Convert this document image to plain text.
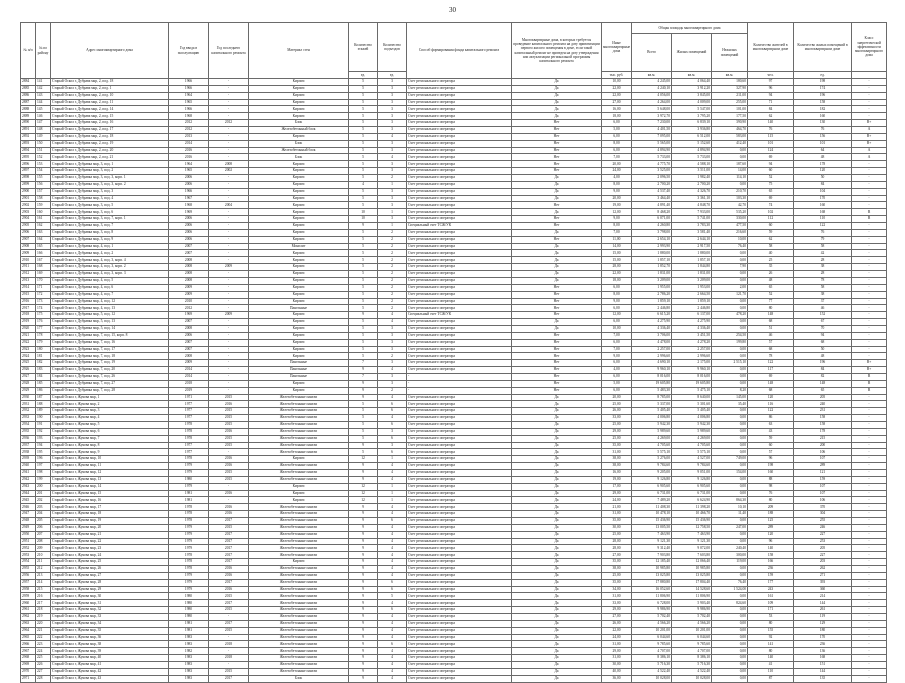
30
№ п/п	№ по району	Адрес многоквартирного дома	Год ввода в эксплуатацию	Год последнего капитального ремонта	Материал стен	Количество этажей	Количество подъездов	Способ формирования фонда капитального ремонта	Многоквартирные дома, в которых требуется проведение капитального ремонта на дату приватизации первого жилого помещения в доме, если такой капитальный ремонт не проведен на дату утверждения или актуализации региональной программы капитального ремонта	Иные многоквартирные дома	Общая площадь многоквартирного дома			Количество жителей в многоквартирном доме	Количество жилых помещений в многоквартирном доме	Класс энергетической эффективности многоквартирного дома
											Всего	Жилых помещений	Нежилых помещений			
						ед.	ед.			тыс. руб.	кв.м.	кв.м.	кв.м.	чел.	ед.	
2884	141	Старый Оскол г, Дубрава мкр, 2, под. 18	1966	-	Кирпич	5	3	Счет регионального оператора	Да	10,00	4 245,00	4 064,40	180,60	97	198	-
2885	142	Старый Оскол г, Дубрава мкр, 2, под. 1	1966	-	Кирпич	5	3	Счет регионального оператора	Да	22,00	4 240,10	3 912,20	327,90	96	174	-
2886	143	Старый Оскол г, Дубрава мкр, 2, под. 10	1964	-	Кирпич	5	3	Счет регионального оператора	Да	22,00	4 056,00	3 845,00	211,00	94	196	-
2887	144	Старый Оскол г, Дубрава мкр, 2, под. 11	1965	-	Кирпич	5	3	Счет регионального оператора	Да	27,00	4 264,00	4 009,00	255,00	71	158	-
2888	145	Старый Оскол г, Дубрава мкр, 2, под. 14	1966	-	Кирпич	5	3	Счет регионального оператора	Да	16,00	5 648,00	5 547,00	101,00	84	182	-
2889	146	Старый Оскол г, Дубрава мкр, 2, под. 15	1968	-	Кирпич	5	3	Счет регионального оператора	Да	18,00	3 972,70	3 795,20	177,50	62	160	-
2890	147	Старый Оскол г, Дубрава мкр, 2, под. 16	2012	2012	Блок	5	3	Счет регионального оператора	Нет	6,00	7 230,00	6 839,10	390,90	140	130	B+
2891	148	Старый Оскол г, Дубрава мкр, 2, под. 17	2012	-	Железобетонный блок	5	3	Счет регионального оператора	Нет	5,00	4 401,50	3 936,80	464,70	76	76	A
2892	149	Старый Оскол г, Дубрава мкр, 2, под. 18	2013	-	Кирпич	5	4	Счет регионального оператора	Нет	6,00	7 095,00	6 512,00	583,00	115	156	B+
2893	150	Старый Оскол г, Дубрава мкр, 2, под. 19	2014	-	Блок	5	3	Счет регионального оператора	Нет	8,00	5 565,00	5 152,60	412,40	101	101	B+
2894	151	Старый Оскол г, Дубрава мкр, 2, под. 20	2016	-	Железобетонный блок	5	3	Счет регионального оператора	Нет	6,00	4 894,90	4 894,90	0,00	124	64	A
2895	152	Старый Оскол г, Дубрава мкр, 2, под. 21	2016	-	Блок	5	4	Счет регионального оператора	Нет	7,00	5 733,00	5 733,00	0,00	69	48	A
2896	153	Старый Оскол г, Дубравка мкр, 3, под. 1	1964	2008	Кирпич	5	3	Счет регионального оператора	Нет	20,00	4 775,70	4 588,10	187,60	94	178	-
2897	154	Старый Оскол г, Дубравка мкр, 3, под. 2	1965	2002	Кирпич	5	3	Счет регионального оператора	Нет	24,00	3 525,00	3 511,00	14,00	60	120	-
2898	155	Старый Оскол г, Дубравка мкр, 3, под. 3, корп. 1	2006	-	Кирпич	5	2	Счет регионального оператора	Да	4,00	2 096,50	1 982,40	114,10	52	50	-
2899	156	Старый Оскол г, Дубравка мкр, 3, под. 3, корп. 2	2006	-	Кирпич	4	1	Счет регионального оператора	Да	8,00	2 700,20	2 700,20	0,00	75	84	-
2900	157	Старый Оскол г, Дубравка мкр, 3, под. 3	1966	-	Кирпич	5	3	Счет регионального оператора	Да	9,00	4 537,40	4 326,70	210,70	65	104	-
2901	158	Старый Оскол г, Дубравка мкр, 3, под. 4	1967	-	Кирпич	5	3	Счет регионального оператора	Да	20,00	3 464,40	3 361,10	103,30	69	170	-
2902	159	Старый Оскол г, Дубравка мкр, 3, под. 5	1968	2004	Кирпич	5	3	Счет регионального оператора	Нет	19,00	4 891,40	4 848,70	42,70	74	160	-
2903	160	Старый Оскол г, Дубравка мкр, 3, под. 6	1969	-	Кирпич	10	1	Счет регионального оператора	Да	12,00	8 468,20	7 933,00	535,20	102	168	B
2904	161	Старый Оскол г, Дубравка мкр, 3, под. 7, корп. 1	2006	-	Кирпич	10	3	Счет регионального оператора	Нет	9,00	6 071,00	5 741,00	330,00	112	110	B
2905	162	Старый Оскол г, Дубравка мкр, 3, под. 7	2006	-	Кирпич	9	1	Специальный счет ТСЖ/УК	Нет	8,00	4 260,80	3 783,30	477,50	60	122	-
2906	163	Старый Оскол г, Дубравка мкр, 3, под. 8	2006	-	Кирпич	5	2	Счет регионального оператора	Да	7,00	3 798,00	3 581,40	216,60	59	76	-
2907	164	Старый Оскол г, Дубравка мкр, 3, под. 9	2006	-	Кирпич	5	2	Счет регионального оператора	Нет	11,00	2 654,10	2 644,10	10,00	62	79	-
2908	165	Старый Оскол г, Дубравка мкр, 4, под. 1	2007	-	Монолит	5	2	Счет регионального оператора	Да	14,00	2 993,90	2 917,50	76,40	58	58	-
2909	166	Старый Оскол г, Дубравка мкр, 4, под. 2	2007	-	Кирпич	5	2	Счет регионального оператора	Да	15,00	1 880,00	1 880,00	0,00	40	42	-
2910	167	Старый Оскол г, Дубравка мкр, 4, под. 3, корп. 4	2008	-	Кирпич	5	2	Счет регионального оператора	Да	15,00	1 857,10	1 857,10	0,00	25	28	-
2911	168	Старый Оскол г, Дубравка мкр, 4, под. 3, корп. 2	2008	2009	Кирпич	5	2	Счет регионального оператора	Да	28,00	1 852,70	1 844,80	7,90	35	38	-
2912	169	Старый Оскол г, Дубравка мкр, 4, под. 3, корп. 3	2008	-	Кирпич	5	2	Счет регионального оператора	Да	22,00	1 831,00	1 831,00	0,00	26	28	-
2913	170	Старый Оскол г, Дубравка мкр, 4, под. 5	2008	-	Кирпич	5	2	Счет регионального оператора	Да	18,00	3 209,00	3 209,00	0,00	48	78	-
2914	171	Старый Оскол г, Дубравка мкр, 4, под. 6	2009	-	Кирпич	5	2	Счет регионального оператора	Нет	6,00	1 955,00	1 953,00	2,00	65	58	-
2915	172	Старый Оскол г, Дубравка мкр, 4, под. 7	2009	-	Кирпич	5	2	Счет регионального оператора	Нет	8,00	2 786,20	2 664,50	121,70	52	38	-
2916	173	Старый Оскол г, Дубравка мкр, 4, под. 12	2010	-	Кирпич	5	2	Счет регионального оператора	Нет	9,00	1 859,10	1 859,10	0,00	77	37	-
2917	174	Старый Оскол г, Дубравка мкр, 4, под. 13	2012	-	Панельные	5	2	Счет регионального оператора	Нет	6,00	2 446,80	2 446,80	0,00	80	46	-
2918	175	Старый Оскол г, Дубравка мкр, 5, под. 12	1969	2009	Кирпич	9	4	Специальный счет ТСЖ/УК	Нет	12,00	6 615,20	6 137,00	478,20	148	152	-
2919	176	Старый Оскол г, Дубравка мкр, 5, под. 13	2007	-	Кирпич	5	4	Счет регионального оператора	Да	6,00	4 275,90	4 275,90	0,00	68	67	-
2920	177	Старый Оскол г, Дубравка мкр, 5, под. 14	2008	-	Кирпич	5	3	Счет регионального оператора	Да	10,00	4 336,40	4 336,40	0,00	51	70	-
2921	178	Старый Оскол г, Дубравка мкр, 7, под. 15, корп. 8	2006	-	Кирпич	5	3	Счет регионального оператора	Нет	7,00	3 706,00	3 451,50	254,50	46	94	-
2922	179	Старый Оскол г, Дубравка мкр, 7, под. 16	2007	-	Кирпич	5	3	Счет регионального оператора	Нет	6,00	4 478,00	4 278,20	199,80	57	68	-
2923	180	Старый Оскол г, Дубравка мкр, 7, под. 17	2007	-	Кирпич	5	3	Счет регионального оператора	Нет	7,00	2 257,00	2 257,00	0,00	68	50	-
2924	181	Старый Оскол г, Дубравка мкр, 7, под. 18	2008	-	Кирпич	5	2	Счет регионального оператора	Нет	9,00	2 996,60	2 996,60	0,00	78	48	-
2925	182	Старый Оскол г, Дубравка мкр, 7, под. 19	2009	-	Панельные	7	3	Счет регионального оператора	Нет	6,00	4 690,10	2 175,00	2 515,10	122	196	B+
2926	183	Старый Оскол г, Дубравка мкр, 7, под. 20	2014	-	Панельные	9	4	Счет регионального оператора	Нет	4,00	9 960,10	9 960,10	0,00	117	84	B+
2927	184	Старый Оскол г, Дубравка мкр, 7, под. 26	2014	-	Панельные	7	3	-	Нет	6,00	8 016,00	8 016,00	0,00	69	82	B
2928	185	Старый Оскол г, Дубравка мкр, 7, под. 27	2018	-	Кирпич	9	3	-	Нет	5,00	19 605,80	19 605,80	0,00	148	148	B
2929	186	Старый Оскол г, Дубравка мкр, 7, под. 28	2019	-	Кирпич	9	2	-	Нет	6,00	5 483,30	5 475,10	8,20	68	65	B
2930	187	Старый Оскол г, Жукова мкр, 1	1971	2015	Железобетонные панели	9	4	Счет регионального оператора	Да	20,00	8 785,00	8 640,00	145,00	120	205	-
2931	188	Старый Оскол г, Жукова мкр, 2	1977	2016	Железобетонные панели	5	6	Счет регионального оператора	Да	25,00	5 337,00	5 301,60	35,40	116	240	-
2932	189	Старый Оскол г, Жукова мкр, 3	1977	2015	Железобетонные панели	5	6	Счет регионального оператора	Да	26,00	5 405,40	5 405,40	0,00	122	231	-
2933	190	Старый Оскол г, Жукова мкр, 4	1977	2015	Железобетонные панели	5	4	Счет регионального оператора	Да	33,00	4 006,80	4 006,80	0,00	86	158	-
2934	191	Старый Оскол г, Жукова мкр, 5	1978	2015	Железобетонные панели	5	6	Счет регионального оператора	Да	25,00	5 942,30	5 942,30	0,00	63	158	-
2935	192	Старый Оскол г, Жукова мкр, 6	1978	2016	Железобетонные панели	5	3	Счет регионального оператора	Да	29,00	5 989,60	5 989,60	0,00	43	178	-
2936	193	Старый Оскол г, Жукова мкр, 7	1978	2015	Железобетонные панели	5	6	Счет регионального оператора	Да	25,00	4 269,00	4 269,00	0,00	59	215	-
2937	194	Старый Оскол г, Жукова мкр, 8	1977	2015	Железобетонные панели	9	3	Счет регионального оператора	Да	35,00	4 705,60	4 705,60	0,00	60	200	-
2938	195	Старый Оскол г, Жукова мкр, 9	1977	-	Железобетонные панели	5	6	Счет регионального оператора	Да	31,00	5 575,10	5 575,10	0,00	57	106	-
2939	196	Старый Оскол г, Жукова мкр, 10	1978	2016	Кирпич	12	1	Счет регионального оператора	Да	38,00	5 276,00	4 527,00	749,00	96	107	-
2940	197	Старый Оскол г, Жукова мкр, 11	1979	2016	Железобетонные панели	9	4	Счет регионального оператора	Да	38,00	9 784,60	9 784,60	0,00	198	289	-
2941	198	Старый Оскол г, Жукова мкр, 12	1979	2015	Железобетонные панели	9	4	Счет регионального оператора	Да	16,00	9 205,00	9 051,00	154,00	160	121	-
2942	199	Старый Оскол г, Жукова мкр, 13	1980	2015	Железобетонные панели	9	4	Счет регионального оператора	Да	19,00	9 126,80	9 126,80	0,00	88	159	-
2943	200	Старый Оскол г, Жукова мкр, 14	1979	-	Кирпич	12	1	Счет регионального оператора	Да	17,00	6 905,60	6 905,60	0,00	98	107	-
2944	201	Старый Оскол г, Жукова мкр, 15	1981	2016	Кирпич	12	1	Счет регионального оператора	Да	29,00	6 731,00	6 731,00	0,00	76	107	-
2945	202	Старый Оскол г, Жукова мкр, 16	1981	-	Кирпич	12	1	Счет регионального оператора	Да	24,00	7 489,20	6 624,90	864,30	80	106	-
2946	203	Старый Оскол г, Жукова мкр, 17	1978	2016	Железобетонные панели	9	4	Счет регионального оператора	Да	21,00	11 408,30	11 398,20	10,10	209	370	-
2947	204	Старый Оскол г, Жукова мкр, 18	1978	2016	Железобетонные панели	9	4	Счет регионального оператора	Да	31,00	10 478,10	10 466,70	11,40	188	304	-
2948	205	Старый Оскол г, Жукова мкр, 19	1978	2017	Железобетонные панели	9	6	Счет регионального оператора	Да	35,00	15 436,90	15 436,90	0,00	125	255	-
2949	206	Старый Оскол г, Жукова мкр, 20	1979	2015	Железобетонные панели	9	4	Счет регионального оператора	Да	30,00	13 005,50	12 758,50	247,00	289	246	-
2950	207	Старый Оскол г, Жукова мкр, 21	1979	2017	Железобетонные панели	9	4	Счет регионального оператора	Да	25,00	7 463,90	7 463,90	0,00	120	227	-
2951	208	Старый Оскол г, Жукова мкр, 22	1979	2017	Железобетонные панели	9	4	Счет регионального оператора	Да	28,00	9 121,30	9 121,30	0,00	96	253	-
2952	209	Старый Оскол г, Жукова мкр, 23	1979	2017	Железобетонные панели	9	4	Счет регионального оператора	Да	28,00	9 312,40	9 072,00	240,40	140	205	-
2953	210	Старый Оскол г, Жукова мкр, 24	1978	2017	Железобетонные панели	9	4	Счет регионального оператора	Да	27,00	7 903,80	7 603,80	300,00	158	227	-
2954	211	Старый Оскол г, Жукова мкр, 25	1978	2017	Кирпич	9	4	Счет регионального оператора	Да	35,00	12 185,40	12 066,40	119,00	166	203	-
2955	212	Старый Оскол г, Жукова мкр, 26	1978	2016	Железобетонные панели	9	4	Счет регионального оператора	Да	38,00	10 985,80	10 985,80	0,00	236	262	-
2956	213	Старый Оскол г, Жукова мкр, 27	1979	2016	Железобетонные панели	9	4	Счет регионального оператора	Да	25,00	13 025,80	13 025,80	0,00	159	271	-
2957	214	Старый Оскол г, Жукова мкр, 28	1979	2017	Железобетонные панели	9	6	Счет регионального оператора	Да	35,00	17 880,80	17 804,40	76,40	177	393	-
2958	215	Старый Оскол г, Жукова мкр, 29	1979	2016	Железобетонные панели	9	6	Счет регионального оператора	Да	34,00	16 052,60	14 528,60	1 524,00	243	360	-
2959	216	Старый Оскол г, Жукова мкр, 30	1980	2015	Железобетонные панели	9	5	Счет регионального оператора	Да	31,00	11 806,90	11 806,90	0,00	161	214	-
2960	217	Старый Оскол г, Жукова мкр, 31	1980	2017	Железобетонные панели	9	4	Счет регионального оператора	Да	33,00	6 728,00	5 903,40	824,60	109	144	-
2961	218	Старый Оскол г, Жукова мкр, 32	1980	2015	Железобетонные панели	9	6	Счет регионального оператора	Да	29,00	9 986,90	9 986,90	0,00	171	261	-
2962	219	Старый Оскол г, Жукова мкр, 33	1980	-	Железобетонные панели	9	4	Счет регионального оператора	Да	27,00	5 702,40	5 702,40	0,00	53	119	-
2963	220	Старый Оскол г, Жукова мкр, 34	1981	2017	Железобетонные панели	9	4	Счет регионального оператора	Да	26,00	4 566,20	4 566,20	0,00	80	129	-
2964	221	Старый Оскол г, Жукова мкр, 35	1981	2015	Железобетонные панели	9	4	Счет регионального оператора	Да	22,00	10 201,00	10 201,00	0,00	155	180	-
2965	222	Старый Оскол г, Жукова мкр, 36	1983	-	Железобетонные панели	9	4	Счет регионального оператора	Да	24,00	6 044,60	6 044,60	0,00	92	170	-
2966	223	Старый Оскол г, Жукова мкр, 38	1983	2018	Железобетонные панели	9	6	Счет регионального оператора	Да	31,00	9 785,60	9 785,60	0,00	141	236	-
2967	224	Старый Оскол г, Жукова мкр, 39	1982	-	Железобетонные панели	9	4	Счет регионального оператора	Да	29,00	4 707,00	4 707,00	0,00	80	136	-
2968	225	Старый Оскол г, Жукова мкр, 40	1983	2018	Железобетонные панели	9	4	Счет регионального оператора	Да	31,00	8 386,10	8 386,10	0,00	140	168	-
2969	226	Старый Оскол г, Жукова мкр, 41	1983	-	Железобетонные панели	9	4	Счет регионального оператора	Да	30,00	5 716,30	5 716,30	0,00	41	151	-
2970	227	Старый Оскол г, Жукова мкр, 42	1983	2015	Железобетонные панели	9	4	Счет регионального оператора	Да	40,00	4 522,40	4 522,40	0,00	110	144	-
2971	228	Старый Оскол г, Жукова мкр, 43	1983	2017	Блок	9	4	Счет регионального оператора	Да	36,00	10 028,00	10 028,00	0,00	87	135	-
